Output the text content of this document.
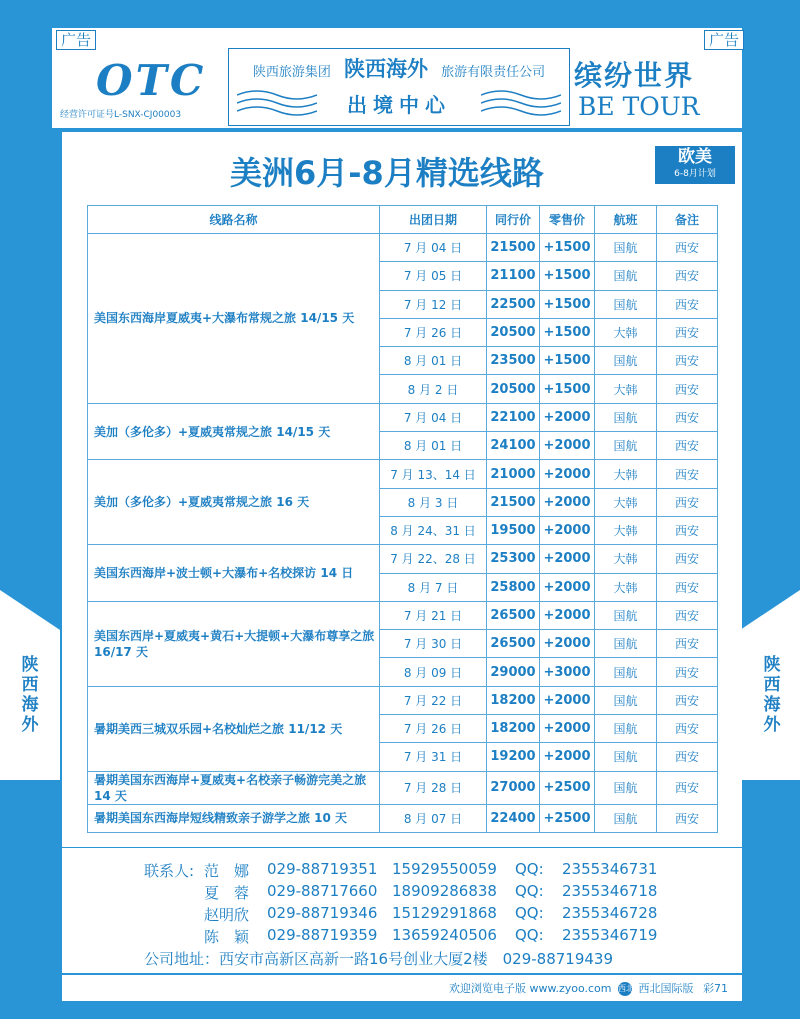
陕
西
海
外
陕
西
海
外
广告	广告
OTC
经营许可证号L-SNX-CJ00003
陕西旅游集团 陕西海外 旅游有限责任公司
出境中心
缤纷世界
BE TOUR
美洲6月-8月精选线路	欧美
6-8月计划
线路名称	出团日期	同行价	零售价	航班	备注
美国东西海岸夏威夷+大瀑布常规之旅 14/15 天	7 月 04 日	21500	+1500	国航	西安
	7 月 05 日	21100	+1500	国航	西安
	7 月 12 日	22500	+1500	国航	西安
	7 月 26 日	20500	+1500	大韩	西安
	8 月 01 日	23500	+1500	国航	西安
	8 月 2 日	20500	+1500	大韩	西安
美加（多伦多）+夏威夷常规之旅 14/15 天	7 月 04 日	22100	+2000	国航	西安
	8 月 01 日	24100	+2000	国航	西安
美加（多伦多）+夏威夷常规之旅 16 天	7 月 13、14 日	21000	+2000	大韩	西安
	8 月 3 日	21500	+2000	大韩	西安
	8 月 24、31 日	19500	+2000	大韩	西安
美国东西海岸+波士顿+大瀑布+名校探访 14 日	7 月 22、28 日	25300	+2000	大韩	西安
	8 月 7 日	25800	+2000	大韩	西安
美国东西岸+夏威夷+黄石+大提顿+大瀑布尊享之旅 16/17 天	7 月 21 日	26500	+2000	国航	西安
	7 月 30 日	26500	+2000	国航	西安
	8 月 09 日	29000	+3000	国航	西安
暑期美西三城双乐园+名校灿烂之旅 11/12 天	7 月 22 日	18200	+2000	国航	西安
	7 月 26 日	18200	+2000	国航	西安
	7 月 31 日	19200	+2000	国航	西安
暑期美国东西海岸+夏威夷+名校亲子畅游完美之旅 14 天	7 月 28 日	27000	+2500	国航	西安
暑期美国东西海岸短线精致亲子游学之旅 10 天	8 月 07 日	22400	+2500	国航	西安
联系人: 范　娜 029-88719351 15929550059 QQ: 2355346731
夏　蓉 029-88717660 18909286838 QQ: 2355346718
赵明欣 029-88719346 15129291868 QQ: 2355346728
陈　颖 029-88719359 13659240506 QQ: 2355346719
公司地址：西安市高新区高新一路16号创业大厦2楼　029-88719439
欢迎浏览电子版 www.zyoo.com 西北 西北国际版 彩71
